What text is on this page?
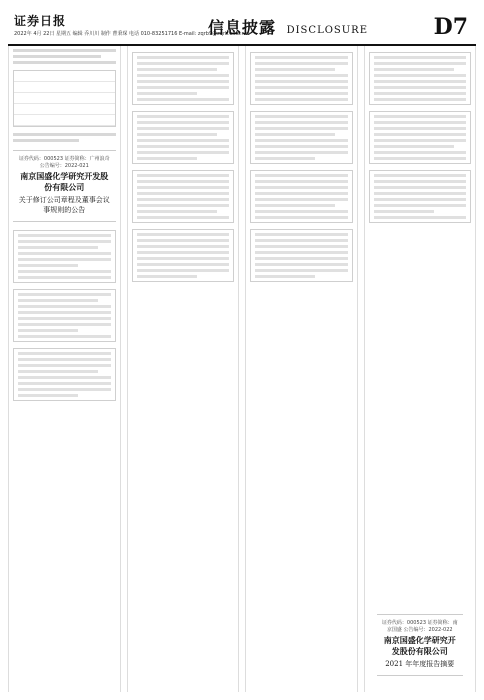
证券日报
2022年 4月 22日 星期五 编辑 乔川川 制作 曹秉琛 电话 010-83251716 E-mail: zqrb9@zqrb.sina.net
信息披露 DISCLOSURE	D7
证券代码：000523 证券简称：广州浪奇 公告编号：2022-021
南京国盛化学研究开发股份有限公司
关于修订公司章程及董事会议事规则的公告
证券代码：000523 证券简称：南京国盛 公告编号：2022-022
南京国盛化学研究开发股份有限公司
2021 年年度报告摘要
